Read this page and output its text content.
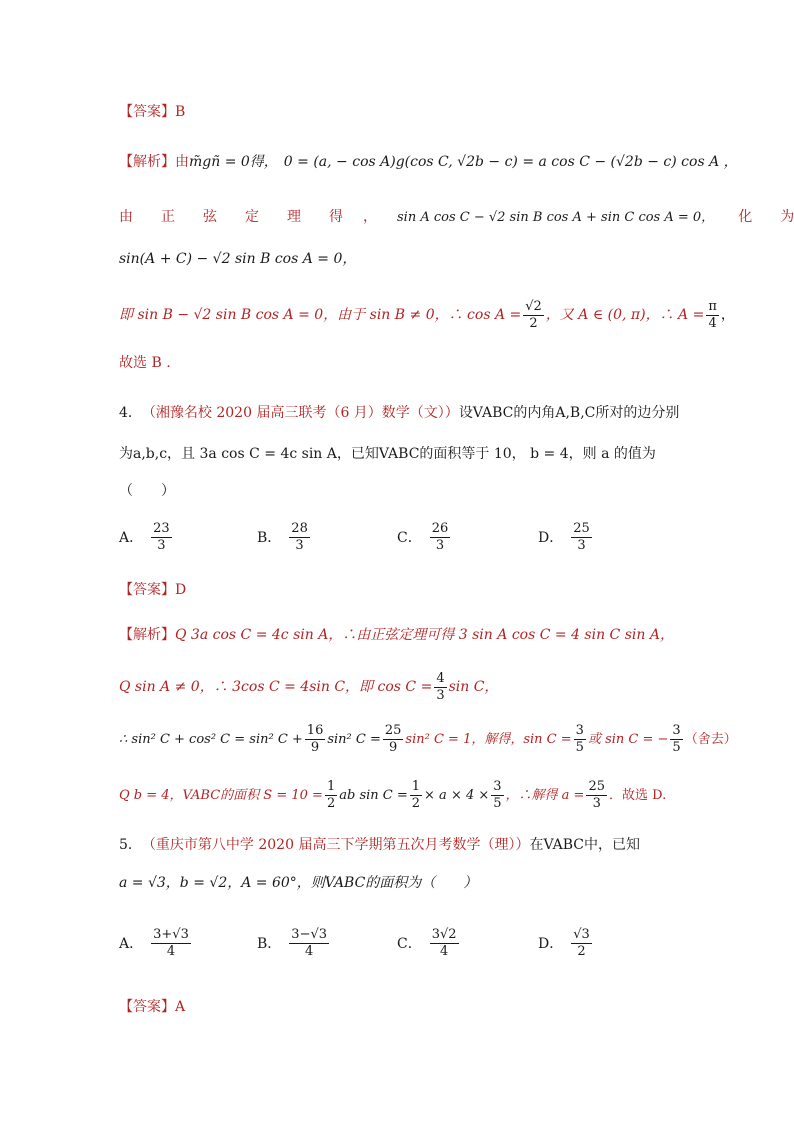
【答案】 B
【解析】 由 m̃gñ = 0得， 0 = (a, − cos A)g(cos C, √2b − c) = a cos C − (√2b − c) cos A ，
由 正 弦 定 理 得 ， sin A cos C − √2 sin B cos A + sin C cos A = 0， 化 为
sin(A + C) − √2 sin B cos A = 0，
即 sin B − √2 sin B cos A = 0，由于 sin B ≠ 0，∴ $\cos A = \frac{√2}{2}$ ，又 A ∈ (0, π)，∴ $A = \frac{\pi}{4}$ ，
故选 B .
4． （湘豫名校 2020 届高三联考（6 月）数学（文）） 设VABC的内角A,B,C所对的边分别
为a,b,c，且 3a cos C = 4c sin A，已知VABC的面积等于 10， b = 4，则 a 的值为
（　　）
A． $\frac{23}{3}$	B． $\frac{28}{3}$	C． $\frac{26}{3}$	D． $\frac{25}{3}$
【答案】 D
【解析】 Q 3a cos C = 4c sin A，∴由正弦定理可得 3 sin A cos C = 4 sin C sin A，
Q sin A ≠ 0，∴ 3cos C = 4sin C，即 $\cos C = \frac{4}{3}$ sin C，
∴ sin² C + cos² C = sin² $C + \frac{16}{9} \sin^2$ $C = \frac{25}{9} \sin^2$ C = 1，解得，$\sin C = \frac{3}{5}$ 或 sin C = − $\frac{3}{5}$ （舍去）
Q b = 4，VABC的面积 $S = 10 = \frac{1}{2}$ ab $\sin C = \frac{1}{2} \times a \times 4 \times \frac{3}{5}$ ，∴解得 $a = \frac{25}{3}$ ．故选 D.
5． （重庆市第八中学 2020 届高三下学期第五次月考数学（理）） 在VABC中，已知
a = √3，b = √2，A = 60°，则VABC的面积为（　　）
A． $\frac{3+√3}{4}$	B． $\frac{3-√3}{4}$	C． $\frac{3√2}{4}$	D． $\frac{√3}{2}$
【答案】 A
